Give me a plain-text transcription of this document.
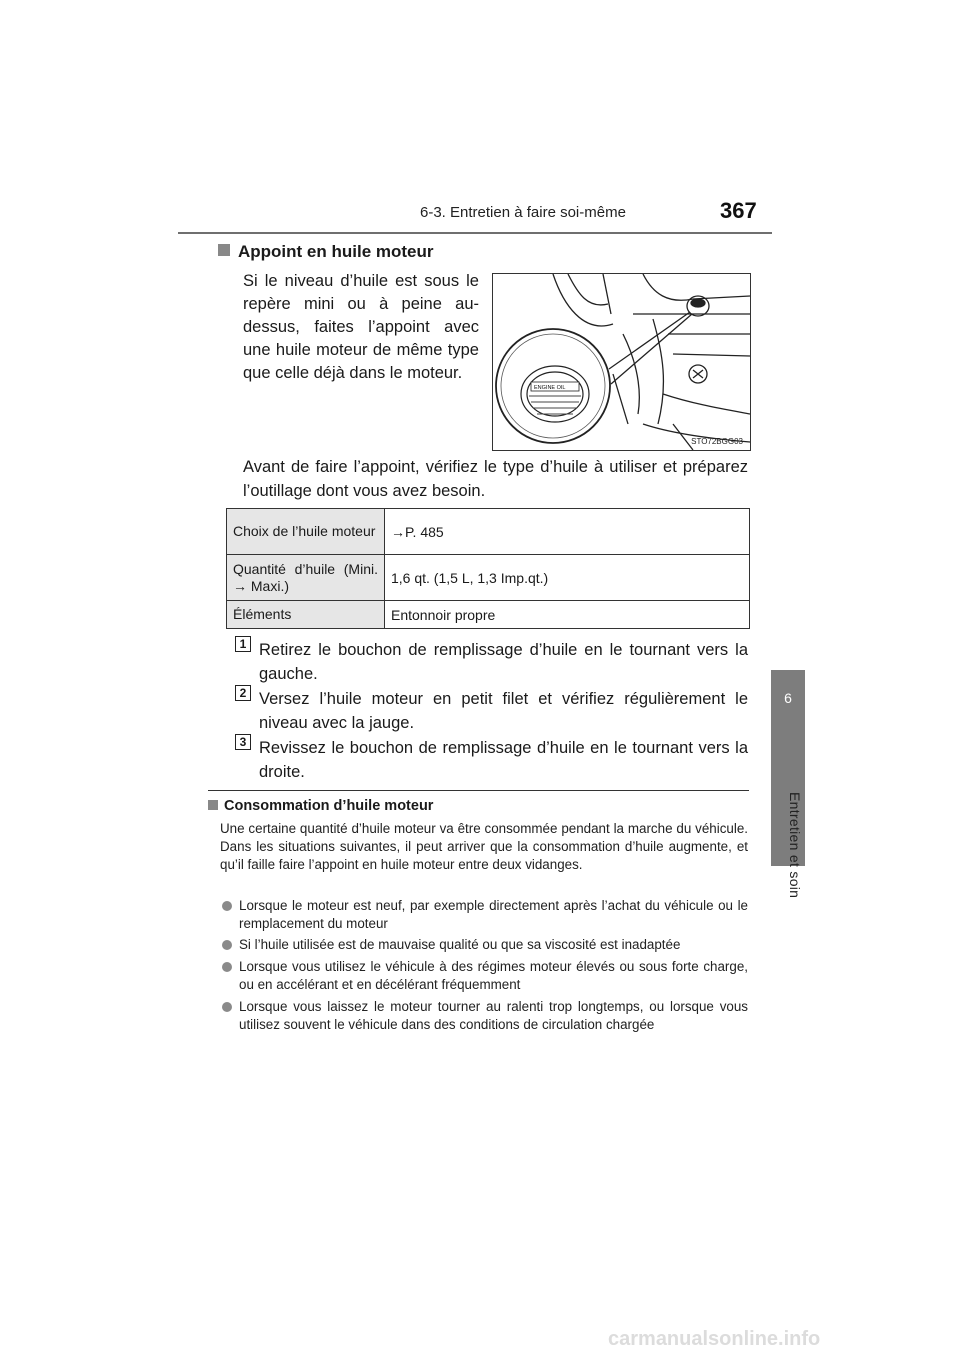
6-3. Entretien à faire soi-même	367
6
Entretien et soin
Appoint en huile moteur
Si le niveau d’huile est sous le repère mini ou à peine au-dessus, faites l’appoint avec une huile moteur de même type que celle déjà dans le moteur.
ENGINE OIL
STO72BGG03
Avant de faire l’appoint, vérifiez le type d’huile à utiliser et préparez l’outillage dont vous avez besoin.
Choix de l’huile moteur	→P. 485
Quantité d’huile (Mini. → Maxi.)	1,6 qt. (1,5 L, 1,3 Imp.qt.)
Éléments	Entonnoir propre
1 Retirez le bouchon de remplissage d’huile en le tournant vers la gauche.
2 Versez l’huile moteur en petit filet et vérifiez régulièrement le niveau avec la jauge.
3 Revissez le bouchon de remplissage d’huile en le tournant vers la droite.
Consommation d’huile moteur
Une certaine quantité d’huile moteur va être consommée pendant la marche du véhicule. Dans les situations suivantes, il peut arriver que la consommation d’huile augmente, et qu’il faille faire l’appoint en huile moteur entre deux vidanges.
Lorsque le moteur est neuf, par exemple directement après l’achat du véhicule ou le remplacement du moteur
Si l’huile utilisée est de mauvaise qualité ou que sa viscosité est inadaptée
Lorsque vous utilisez le véhicule à des régimes moteur élevés ou sous forte charge, ou en accélérant et en décélérant fréquemment
Lorsque vous laissez le moteur tourner au ralenti trop longtemps, ou lorsque vous utilisez souvent le véhicule dans des conditions de circulation chargée
carmanualsonline.info
